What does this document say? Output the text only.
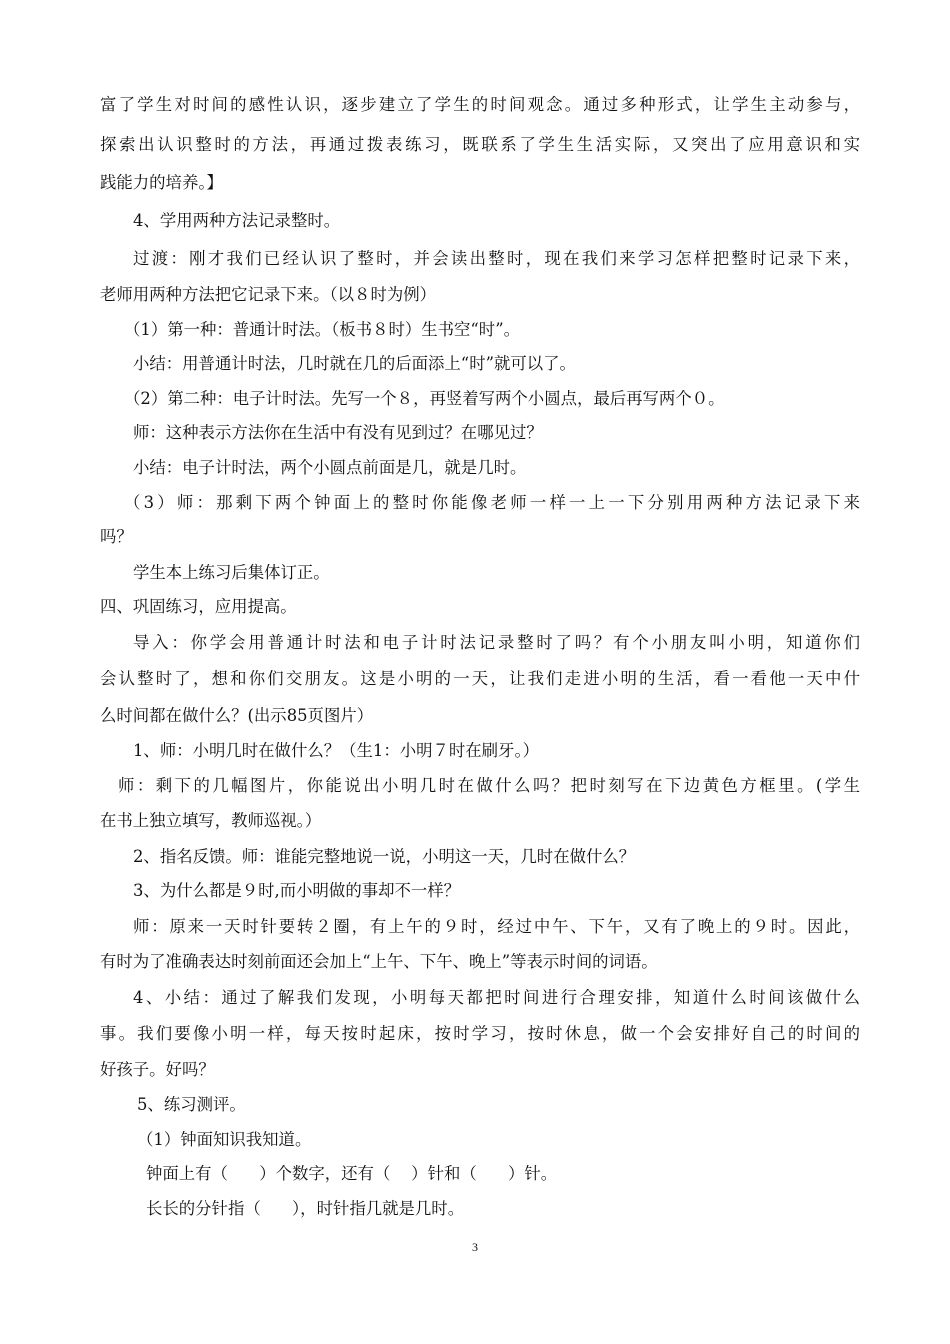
富了学生对时间的感性认识，逐步建立了学生的时间观念。通过多种形式，让学生主动参与，
探索出认识整时的方法，再通过拨表练习，既联系了学生生活实际，又突出了应用意识和实
践能力的培养。】
4、学用两种方法记录整时。
过渡：刚才我们已经认识了整时，并会读出整时，现在我们来学习怎样把整时记录下来，
老师用两种方法把它记录下来。（以８时为例）
（1）第一种：普通计时法。（板书８时）生书空“时”。
小结：用普通计时法，几时就在几的后面添上“时”就可以了。
（2）第二种：电子计时法。先写一个８，再竖着写两个小圆点，最后再写两个０。
师：这种表示方法你在生活中有没有见到过？在哪见过？
小结：电子计时法，两个小圆点前面是几，就是几时。
（3）师：那剩下两个钟面上的整时你能像老师一样一上一下分别用两种方法记录下来
吗？
学生本上练习后集体订正。
四、巩固练习，应用提高。
导入：你学会用普通计时法和电子计时法记录整时了吗？有个小朋友叫小明，知道你们
会认整时了，想和你们交朋友。这是小明的一天，让我们走进小明的生活，看一看他一天中什
么时间都在做什么？(出示85页图片）
1、师：小明几时在做什么？（生1：小明７时在刷牙。）
师：剩下的几幅图片，你能说出小明几时在做什么吗？把时刻写在下边黄色方框里。(学生
在书上独立填写，教师巡视。）
2、指名反馈。师：谁能完整地说一说，小明这一天，几时在做什么？
3、为什么都是９时,而小明做的事却不一样？
师：原来一天时针要转２圈，有上午的９时，经过中午、下午，又有了晚上的９时。因此，
有时为了准确表达时刻前面还会加上“上午、下午、晚上”等表示时间的词语。
4、小结：通过了解我们发现，小明每天都把时间进行合理安排，知道什么时间该做什么
事。我们要像小明一样，每天按时起床，按时学习，按时休息，做一个会安排好自己的时间的
好孩子。好吗？
5、练习测评。
（1）钟面知识我知道。
钟面上有（      ）个数字，还有（    ）针和（      ）针。
长长的分针指（      ），时针指几就是几时。
3
